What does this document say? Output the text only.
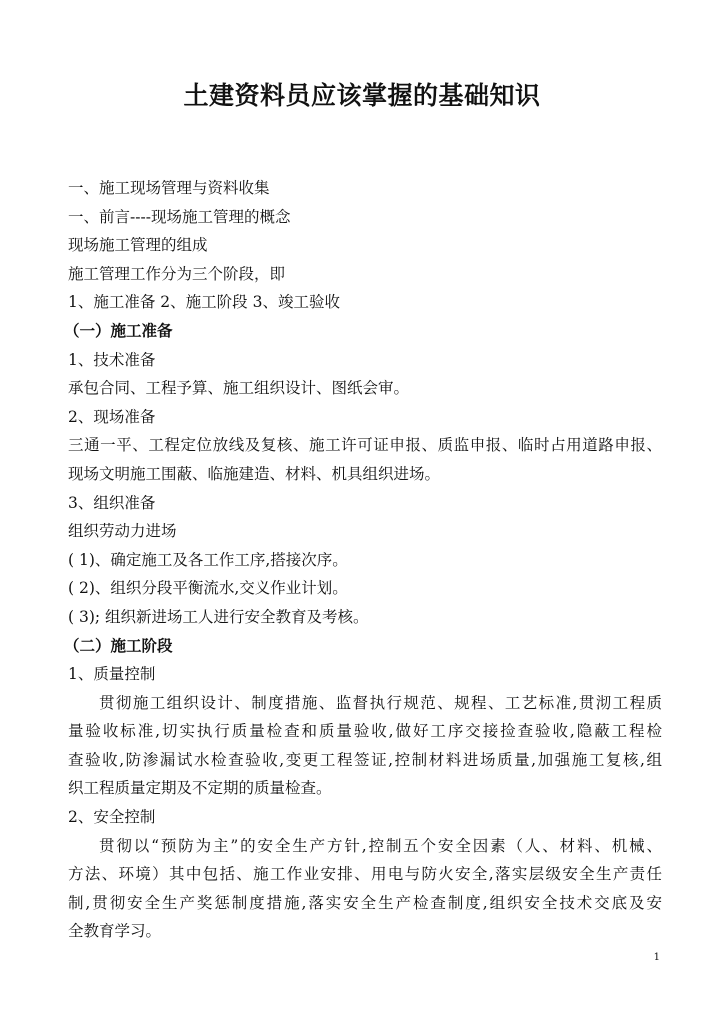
土建资料员应该掌握的基础知识
一、施工现场管理与资料收集
一、前言----现场施工管理的概念
现场施工管理的组成
施工管理工作分为三个阶段，即
1、施工准备 2、施工阶段 3、竣工验收
（一）施工准备
1、技术准备
承包合同、工程予算、施工组织设计、图纸会审。
2、现场准备
三通一平、工程定位放线及复核、施工许可证申报、质监申报、临时占用道路申报、
现场文明施工围蔽、临施建造、材料、机具组织进场。
3、组织准备
组织劳动力进场
( 1)、确定施工及各工作工序,搭接次序。
( 2)、组织分段平衡流水,交义作业计划。
( 3); 组织新进场工人进行安全教育及考核。
（二）施工阶段
1、质量控制
贯彻施工组织设计、制度措施、监督执行规范、规程、工艺标准,贯沏工程质
量验收标准,切实执行质量检查和质量验收,做好工序交接捡查验收,隐蔽工程检
查验收,防渗漏试水检查验收,变更工程签证,控制材料进场质量,加强施工复核,组
织工程质量定期及不定期的质量检查。
2、安全控制
贯彻以“预防为主”的安全生产方针,控制五个安全因素（人、材料、机械、
方法、环境）其中包括、施工作业安排、用电与防火安全,落实层级安全生产责任
制,贯彻安全生产奖惩制度措施,落实安全生产检查制度,组织安全技术交底及安
全教育学习。
1
